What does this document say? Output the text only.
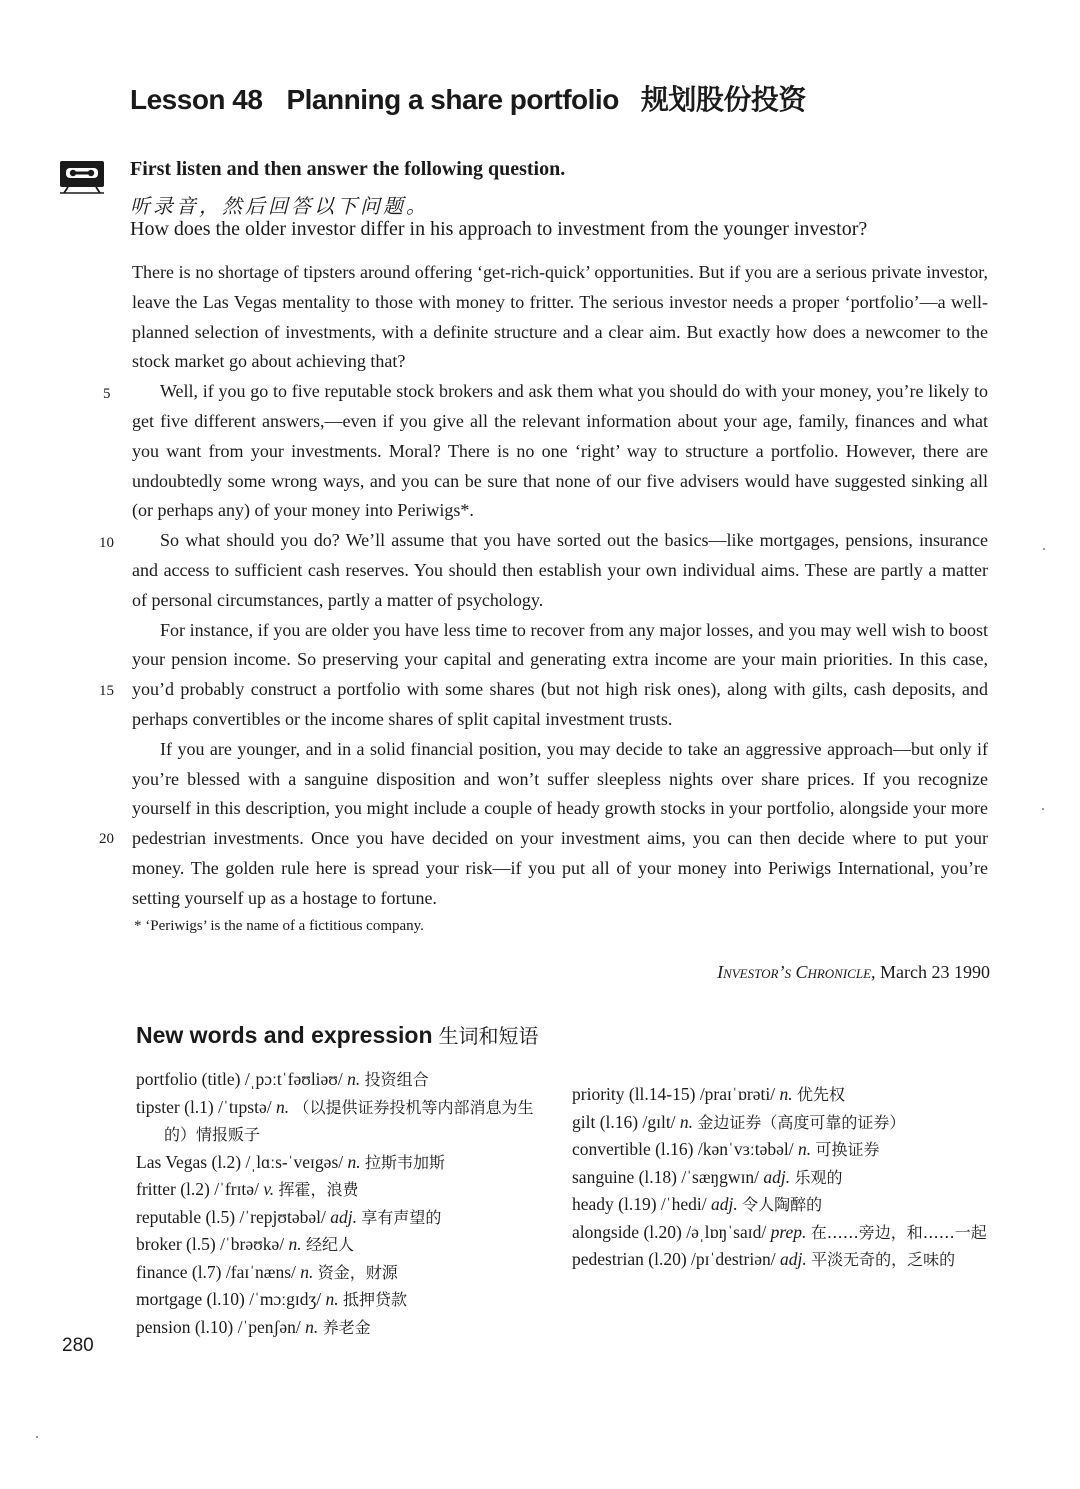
Lesson 48 Planning a share portfolio 规划股份投资
First listen and then answer the following question.
听录音，然后回答以下问题。
How does the older investor differ in his approach to investment from the younger investor?

There is no shortage of tipsters around offering ‘get-rich-quick’ opportunities. But if you are a serious private investor, leave the Las Vegas mentality to those with money to fritter. The serious investor needs a proper ‘portfolio’—a well-planned selection of investments, with a definite structure and a clear aim. But exactly how does a newcomer to the stock market go about achieving that?

Well, if you go to five reputable stock brokers and ask them what you should do with your money, you’re likely to get five different answers,—even if you give all the relevant information about your age, family, finances and what you want from your investments. Moral? There is no one ‘right’ way to structure a portfolio. However, there are undoubtedly some wrong ways, and you can be sure that none of our five advisers would have suggested sinking all (or perhaps any) of your money into Periwigs*.

So what should you do? We’ll assume that you have sorted out the basics—like mortgages, pensions, insurance and access to sufficient cash reserves. You should then establish your own individual aims. These are partly a matter of personal circumstances, partly a matter of psychology.

For instance, if you are older you have less time to recover from any major losses, and you may well wish to boost your pension income. So preserving your capital and generating extra income are your main priorities. In this case, you’d probably construct a portfolio with some shares (but not high risk ones), along with gilts, cash deposits, and perhaps convertibles or the income shares of split capital investment trusts.

If you are younger, and in a solid financial position, you may decide to take an aggressive approach—but only if you’re blessed with a sanguine disposition and won’t suffer sleepless nights over share prices. If you recognize yourself in this description, you might include a couple of heady growth stocks in your portfolio, alongside your more pedestrian investments. Once you have decided on your investment aims, you can then decide where to put your money. The golden rule here is spread your risk—if you put all of your money into Periwigs International, you’re setting yourself up as a hostage to fortune.

5
10
15
20
* ‘Periwigs’ is the name of a fictitious company.
Investor’s Chronicle, March 23 1990
New words and expression 生词和短语

portfolio (title) /ˌpɔːtˈfəʊliəʊ/ n. 投资组合

tipster (l.1) /ˈtɪpstə/ n. （以提供证券投机等内部消息为生的）情报贩子

Las Vegas (l.2) /ˌlɑːs-ˈveɪgəs/ n. 拉斯韦加斯

fritter (l.2) /ˈfrɪtə/ v. 挥霍，浪费

reputable (l.5) /ˈrepjʊtəbəl/ adj. 享有声望的

broker (l.5) /ˈbrəʊkə/ n. 经纪人

finance (l.7) /faɪˈnæns/ n. 资金，财源

mortgage (l.10) /ˈmɔːgɪdʒ/ n. 抵押贷款

pension (l.10) /ˈpenʃən/ n. 养老金

priority (ll.14-15) /praɪˈɒrəti/ n. 优先权

gilt (l.16) /gɪlt/ n. 金边证券（高度可靠的证券）

convertible (l.16) /kənˈvɜːtəbəl/ n. 可换证券

sanguine (l.18) /ˈsæŋgwɪn/ adj. 乐观的

heady (l.19) /ˈhedi/ adj. 令人陶醉的

alongside (l.20) /əˌlɒŋˈsaɪd/ prep. 在……旁边，和……一起

pedestrian (l.20) /pɪˈdestriən/ adj. 平淡无奇的，乏味的

280
